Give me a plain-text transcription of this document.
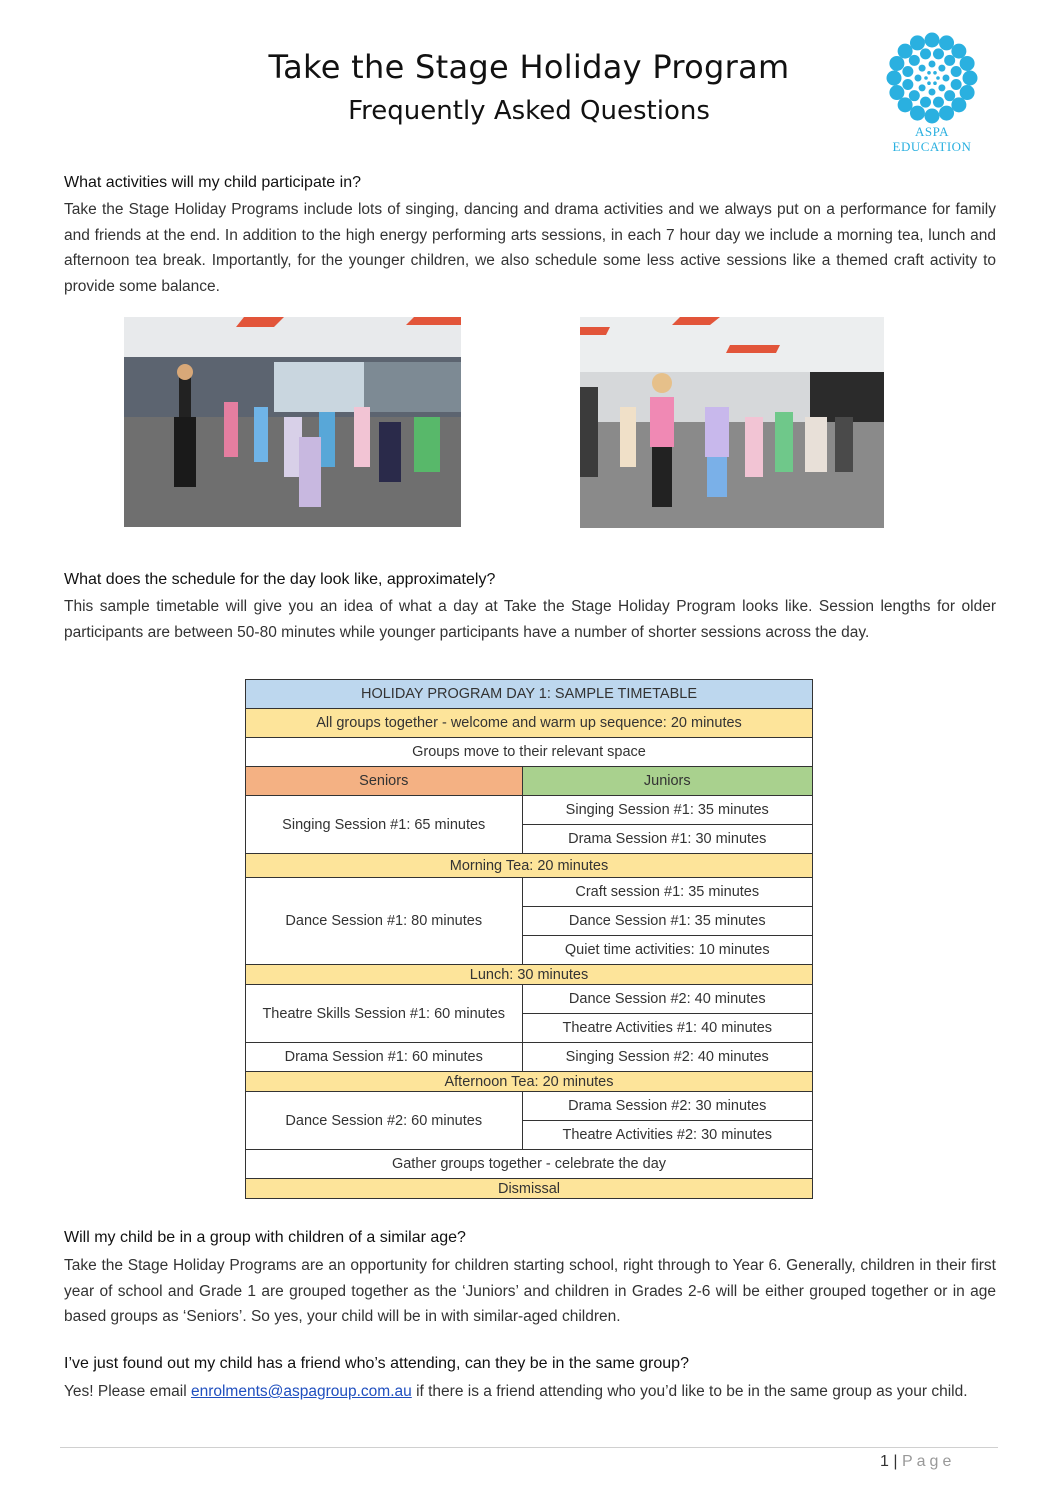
Take the Stage Holiday Program
Frequently Asked Questions
ASPA
EDUCATION
What activities will my child participate in?
Take the Stage Holiday Programs include lots of singing, dancing and drama activities and we always put on a performance for family and friends at the end. In addition to the high energy performing arts sessions, in each 7 hour day we include a morning tea, lunch and afternoon tea break. Importantly, for the younger children, we also schedule some less active sessions like a themed craft activity to provide some balance.
What does the schedule for the day look like, approximately?
This sample timetable will give you an idea of what a day at Take the Stage Holiday Program looks like. Session lengths for older participants are between 50-80 minutes while younger participants have a number of shorter sessions across the day.
HOLIDAY PROGRAM DAY 1: SAMPLE TIMETABLE	
All groups together - welcome and warm up sequence: 20 minutes	
Groups move to their relevant space	
Seniors	Juniors
Singing Session #1: 65 minutes	Singing Session #1: 35 minutes
	Drama Session #1: 30 minutes
Morning Tea: 20 minutes	
Dance Session #1: 80 minutes	Craft session #1: 35 minutes
	Dance Session #1: 35 minutes
	Quiet time activities: 10 minutes
Lunch: 30 minutes	
Theatre Skills Session #1: 60 minutes	Dance Session #2: 40 minutes
	Theatre Activities #1: 40 minutes
Drama Session #1: 60 minutes	Singing Session #2: 40 minutes
Afternoon Tea: 20 minutes	
Dance Session #2: 60 minutes	Drama Session #2: 30 minutes
	Theatre Activities #2: 30 minutes
Gather groups together - celebrate the day	
Dismissal	
Will my child be in a group with children of a similar age?
Take the Stage Holiday Programs are an opportunity for children starting school, right through to Year 6. Generally, children in their first year of school and Grade 1 are grouped together as the ‘Juniors’ and children in Grades 2-6 will be either grouped together or in age based groups as ‘Seniors’. So yes, your child will be in with similar-aged children.
I’ve just found out my child has a friend who’s attending, can they be in the same group?
Yes! Please email enrolments@aspagroup.com.au if there is a friend attending who you’d like to be in the same group as your child.
1 | Page
